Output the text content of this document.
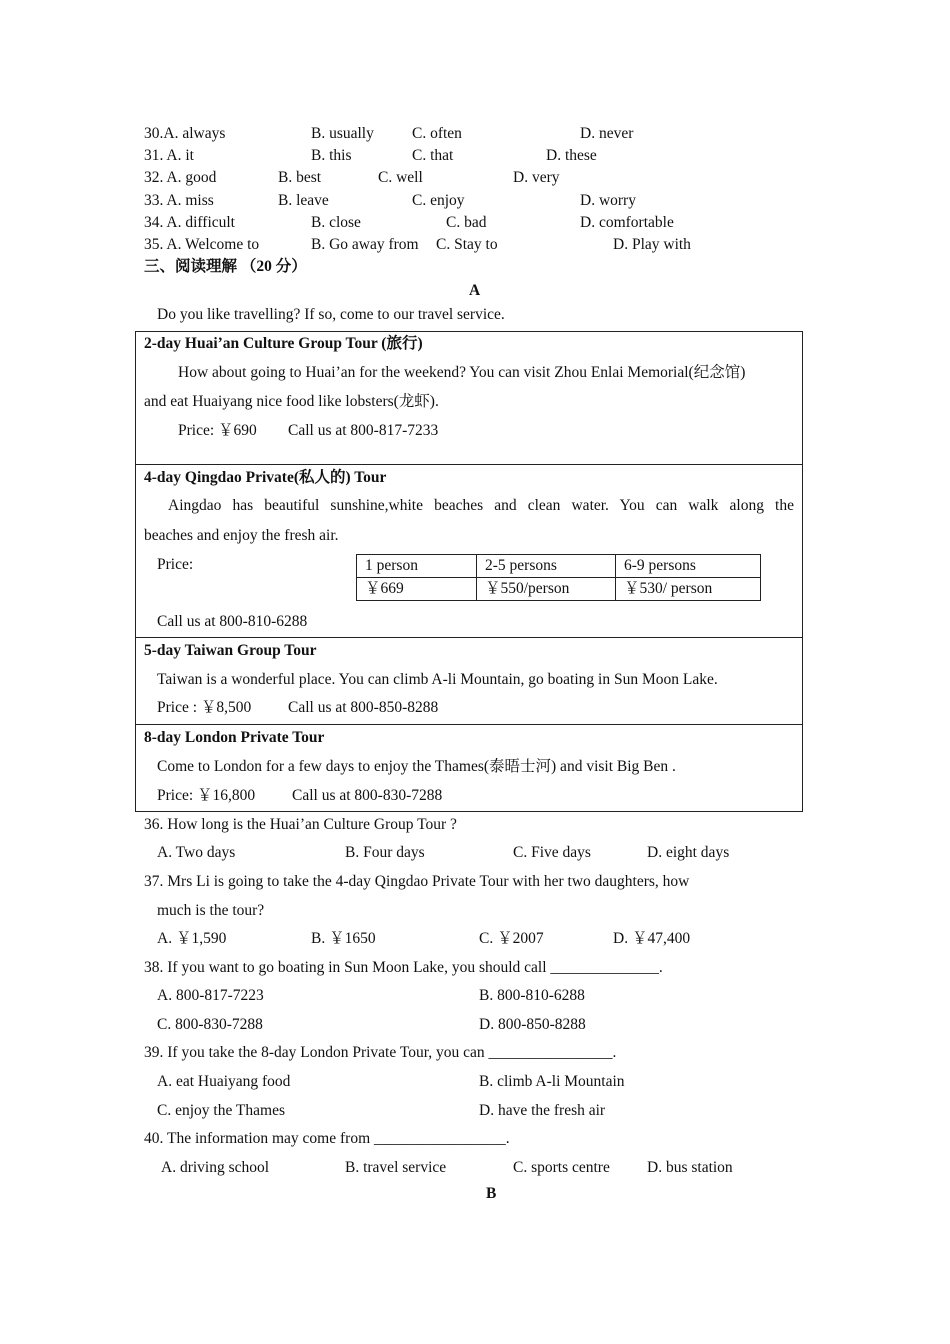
30.A. always	B. usually C. often	D. never
31. A. it	B. this	C. that	D. these
32. A. good	B. best	C. well	D. very
33. A. miss	B. leave	C. enjoy	D. worry
34. A. difficult	B. close	C. bad	D. comfortable
35. A. Welcome to	B. Go away from C. Stay to	D. Play with
三、阅读理解 （20 分）
A
Do you like travelling? If so, come to our travel service.
2-day Huai’an Culture Group Tour (旅行)
How about going to Huai’an for the weekend? You can visit Zhou Enlai Memorial(纪念馆)
and eat Huaiyang nice food like lobsters(龙虾).
Price: ￥690 Call us at 800-817-7233
4-day Qingdao Private(私人的) Tour
Aingdao has beautiful sunshine,white beaches and clean water. You can walk along the
beaches and enjoy the fresh air.
Price:	1 person	2-5 persons	6-9 persons
￥669	￥550/person	￥530/ person
Call us at 800-810-6288
5-day Taiwan Group Tour
Taiwan is a wonderful place. You can climb A-li Mountain, go boating in Sun Moon Lake.
Price : ￥8,500 Call us at 800-850-8288
8-day London Private Tour
Come to London for a few days to enjoy the Thames(泰晤士河) and visit Big Ben .
Price: ￥16,800 Call us at 800-830-7288
36. How long is the Huai’an Culture Group Tour ?
A. Two days	B. Four days	C. Five days	D. eight days
37. Mrs Li is going to take the 4-day Qingdao Private Tour with her two daughters, how
much is the tour?
A. ￥1,590	B. ￥1650	C. ￥2007	D. ￥47,400
38. If you want to go boating in Sun Moon Lake, you should call ______________.
A. 800-817-7223	B. 800-810-6288
C. 800-830-7288	D. 800-850-8288
39. If you take the 8-day London Private Tour, you can ________________.
A. eat Huaiyang food	B. climb A-li Mountain
C. enjoy the Thames	D. have the fresh air
40. The information may come from _________________.
A. driving school	B. travel service	C. sports centre D. bus station
B
